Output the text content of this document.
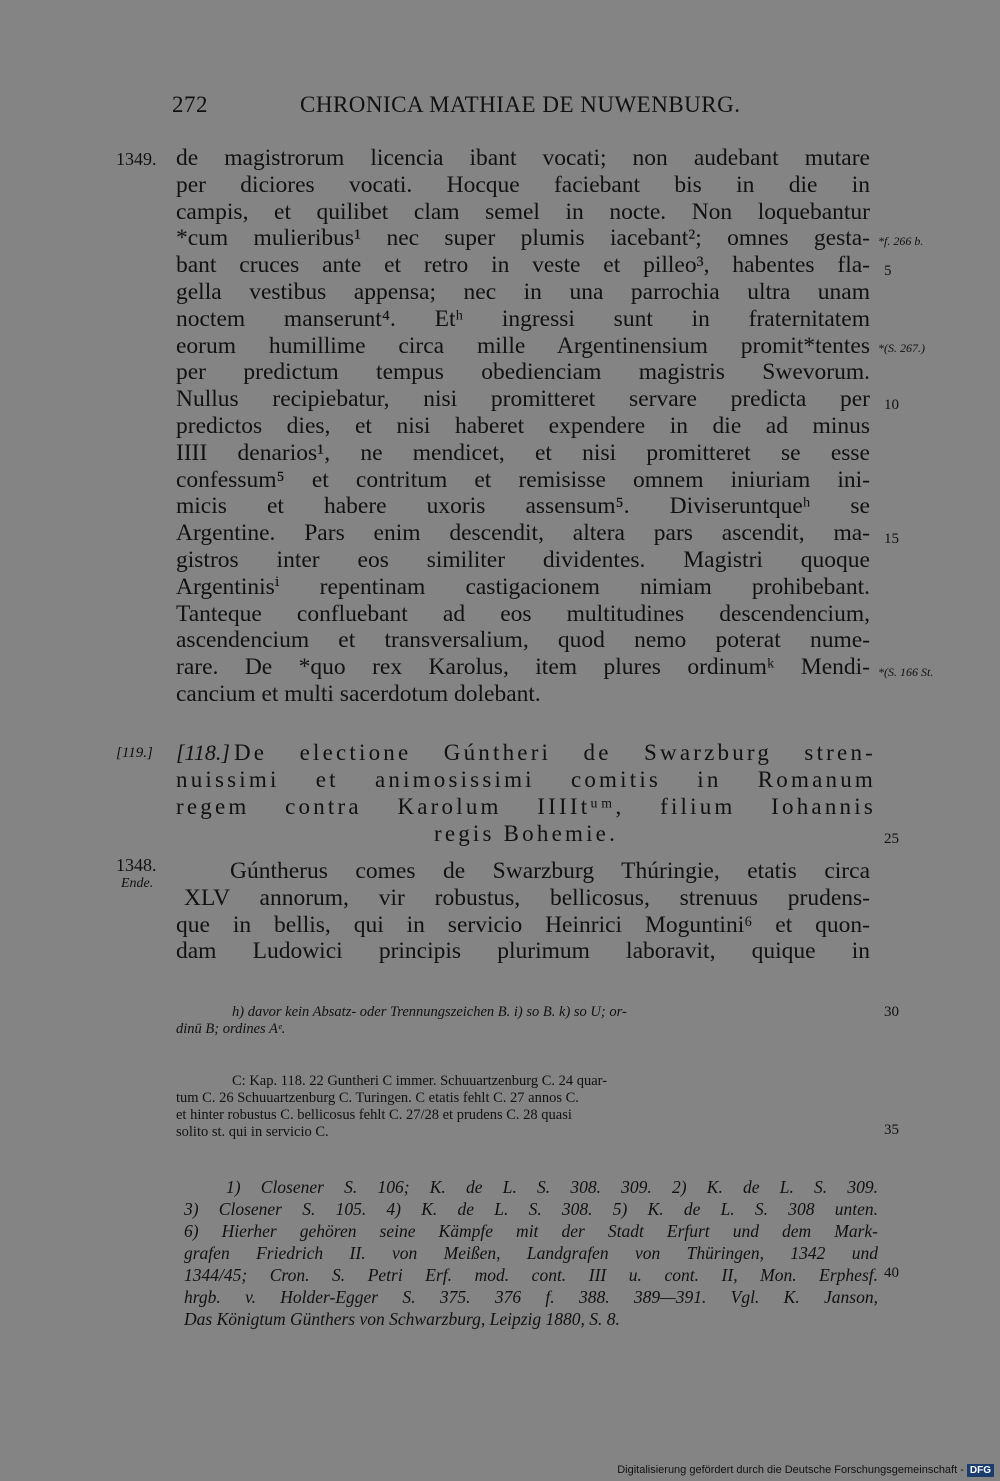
272	CHRONICA MATHIAE DE NUWENBURG.
1349. de magistrorum licencia ibant vocati; non audebant mutare
per diciores vocati. Hocque faciebant bis in die in
campis, et quilibet clam semel in nocte. Non loquebantur
*cum mulieribus¹ nec super plumis iacebant²; omnes gesta-
bant cruces ante et retro in veste et pilleo³, habentes fla-
gella vestibus appensa; nec in una parrochia ultra unam
noctem manserunt⁴. Etʰ ingressi sunt in fraternitatem
eorum humillime circa mille Argentinensium promit*tentes
per predictum tempus obedienciam magistris Swevorum.
Nullus recipiebatur, nisi promitteret servare predicta per
predictos dies, et nisi haberet expendere in die ad minus
IIII denarios¹, ne mendicet, et nisi promitteret se esse
confessum⁵ et contritum et remisisse omnem iniuriam ini-
micis et habere uxoris assensum⁵. Diviseruntqueʰ se
Argentine. Pars enim descendit, altera pars ascendit, ma-
gistros inter eos similiter dividentes. Magistri quoque
Argentinisⁱ repentinam castigacionem nimiam prohibebant.
Tanteque confluebant ad eos multitudines descendencium,
ascendencium et transversalium, quod nemo poterat nume-
rare. De *quo rex Karolus, item plures ordinumᵏ Mendi-
cancium et multi sacerdotum dolebant.
*f. 266 b.
5
*(S. 267.)
10
15
*(S. 166 St.
[119.] [118.] De electione Gúntheri de Swarzburg stren-
nuissimi et animosissimi comitis in Romanum
regem contra Karolum IIIItᵘᵐ, filium Iohannis
regis Bohemie.	25
1348.
Ende.	Gúntherus comes de Swarzburg Thúringie, etatis circa
XLV annorum, vir robustus, bellicosus, strenuus prudens-
que in bellis, qui in servicio Heinrici Moguntini⁶ et quon-
dam Ludowici principis plurimum laboravit, quique in
h) davor kein Absatz- oder Trennungszeichen B. i) so B. k) so U; or-
dinū B; ordines Aᵉ.
30
C: Kap. 118. 22 Guntheri C immer. Schuuartzenburg C. 24 quar-
tum C. 26 Schuuartzenburg C. Turingen. C etatis fehlt C. 27 annos C.
et hinter robustus C. bellicosus fehlt C. 27/28 et prudens C. 28 quasi
solito st. qui in servicio C.	35
1) Closener S. 106; K. de L. S. 308. 309. 2) K. de L. S. 309.
3) Closener S. 105. 4) K. de L. S. 308. 5) K. de L. S. 308 unten.
6) Hierher gehören seine Kämpfe mit der Stadt Erfurt und dem Mark-
grafen Friedrich II. von Meißen, Landgrafen von Thüringen, 1342 und
1344/45; Cron. S. Petri Erf. mod. cont. III u. cont. II, Mon. Erphesf.
hrgb. v. Holder-Egger S. 375. 376 f. 388. 389—391. Vgl. K. Janson,
Das Königtum Günthers von Schwarzburg, Leipzig 1880, S. 8.
40
Digitalisierung gefördert durch die Deutsche Forschungsgemeinschaft - DFG
